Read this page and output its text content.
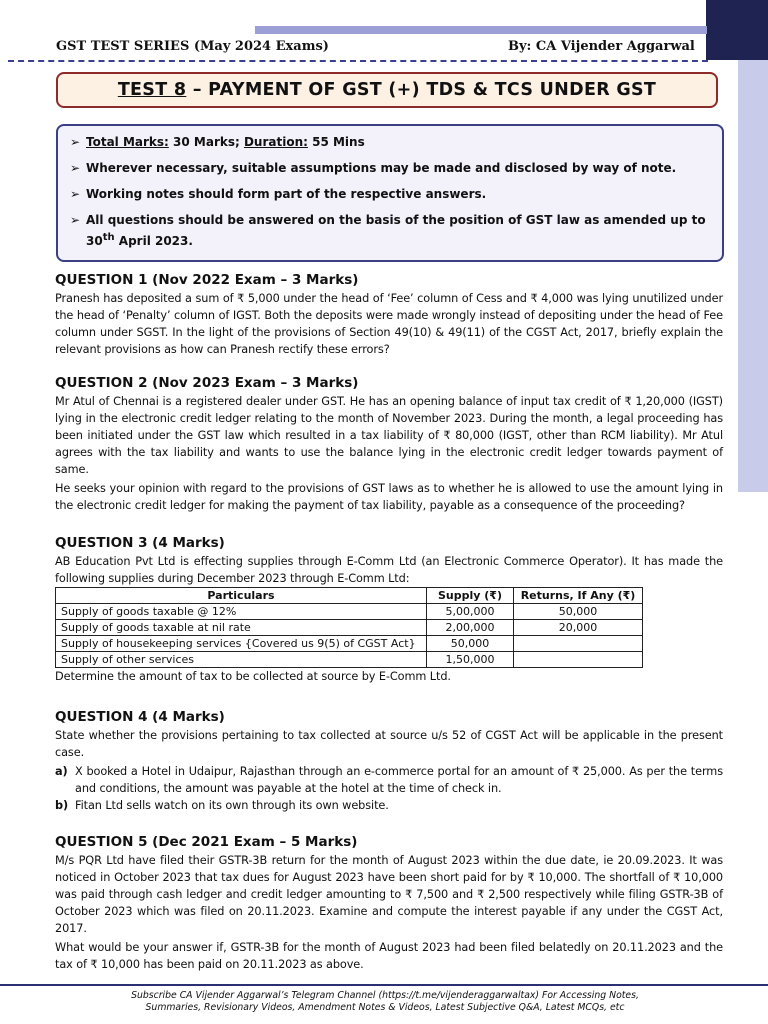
GST TEST SERIES (May 2024 Exams)	By: CA Vijender Aggarwal
TEST 8 – PAYMENT OF GST (+) TDS & TCS UNDER GST
➢ Total Marks: 30 Marks; Duration: 55 Mins
➢ Wherever necessary, suitable assumptions may be made and disclosed by way of note.
➢ Working notes should form part of the respective answers.
➢ All questions should be answered on the basis of the position of GST law as amended up to 30th April 2023.
QUESTION 1 (Nov 2022 Exam – 3 Marks)
Pranesh has deposited a sum of ₹ 5,000 under the head of ‘Fee’ column of Cess and ₹ 4,000 was lying unutilized under the head of ‘Penalty’ column of IGST. Both the deposits were made wrongly instead of depositing under the head of Fee column under SGST. In the light of the provisions of Section 49(10) & 49(11) of the CGST Act, 2017, briefly explain the relevant provisions as how can Pranesh rectify these errors?
QUESTION 2 (Nov 2023 Exam – 3 Marks)
Mr Atul of Chennai is a registered dealer under GST. He has an opening balance of input tax credit of ₹ 1,20,000 (IGST) lying in the electronic credit ledger relating to the month of November 2023. During the month, a legal proceeding has been initiated under the GST law which resulted in a tax liability of ₹ 80,000 (IGST, other than RCM liability). Mr Atul agrees with the tax liability and wants to use the balance lying in the electronic credit ledger towards payment of same.
He seeks your opinion with regard to the provisions of GST laws as to whether he is allowed to use the amount lying in the electronic credit ledger for making the payment of tax liability, payable as a consequence of the proceeding?
QUESTION 3 (4 Marks)
AB Education Pvt Ltd is effecting supplies through E-Comm Ltd (an Electronic Commerce Operator). It has made the following supplies during December 2023 through E-Comm Ltd:
Particulars	Supply (₹)	Returns, If Any (₹)
Supply of goods taxable @ 12%	5,00,000	50,000
Supply of goods taxable at nil rate	2,00,000	20,000
Supply of housekeeping services {Covered us 9(5) of CGST Act}	50,000	
Supply of other services	1,50,000	
Determine the amount of tax to be collected at source by E-Comm Ltd.
QUESTION 4 (4 Marks)
State whether the provisions pertaining to tax collected at source u/s 52 of CGST Act will be applicable in the present case.
a) X booked a Hotel in Udaipur, Rajasthan through an e-commerce portal for an amount of ₹ 25,000. As per the terms and conditions, the amount was payable at the hotel at the time of check in.
b) Fitan Ltd sells watch on its own through its own website.
QUESTION 5 (Dec 2021 Exam – 5 Marks)
M/s PQR Ltd have filed their GSTR-3B return for the month of August 2023 within the due date, ie 20.09.2023. It was noticed in October 2023 that tax dues for August 2023 have been short paid for by ₹ 10,000. The shortfall of ₹ 10,000 was paid through cash ledger and credit ledger amounting to ₹ 7,500 and ₹ 2,500 respectively while filing GSTR-3B of October 2023 which was filed on 20.11.2023. Examine and compute the interest payable if any under the CGST Act, 2017.
What would be your answer if, GSTR-3B for the month of August 2023 had been filed belatedly on 20.11.2023 and the tax of ₹ 10,000 has been paid on 20.11.2023 as above.
Subscribe CA Vijender Aggarwal’s Telegram Channel (https://t.me/vijenderaggarwaltax) For Accessing Notes,
Summaries, Revisionary Videos, Amendment Notes & Videos, Latest Subjective Q&A, Latest MCQs, etc
